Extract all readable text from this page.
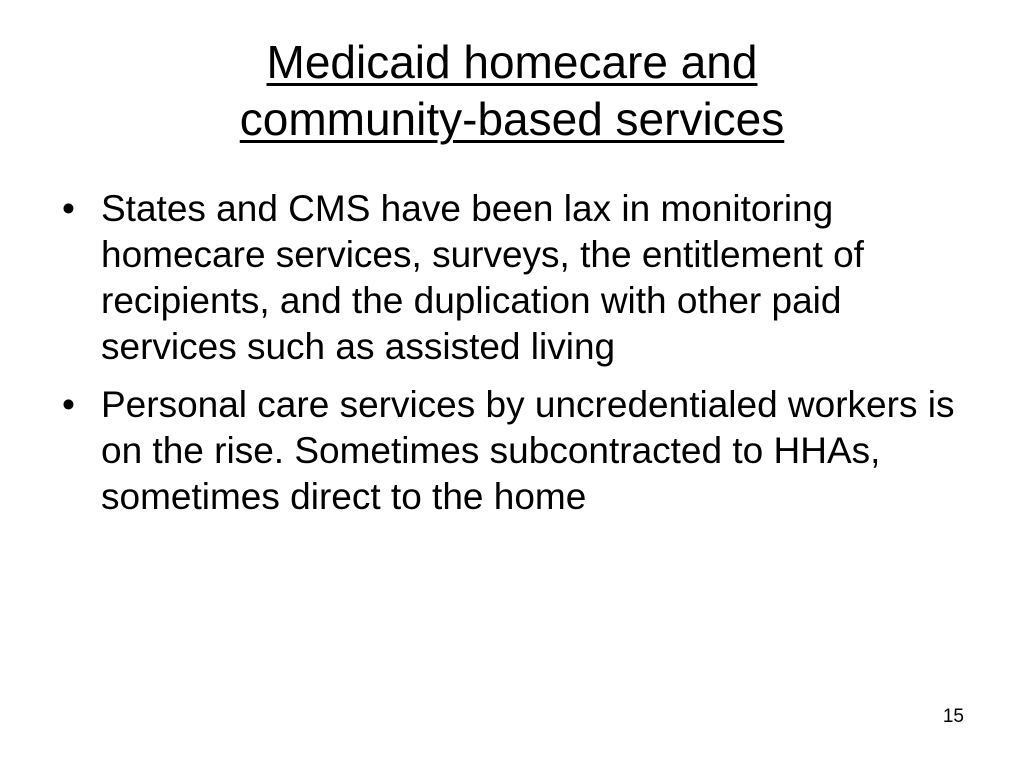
Medicaid homecare and
community-based services
• States and CMS have been lax in monitoring homecare services, surveys, the entitlement of recipients, and the duplication with other paid services such as assisted living
• Personal care services by uncredentialed workers is on the rise. Sometimes subcontracted to HHAs, sometimes direct to the home
15
